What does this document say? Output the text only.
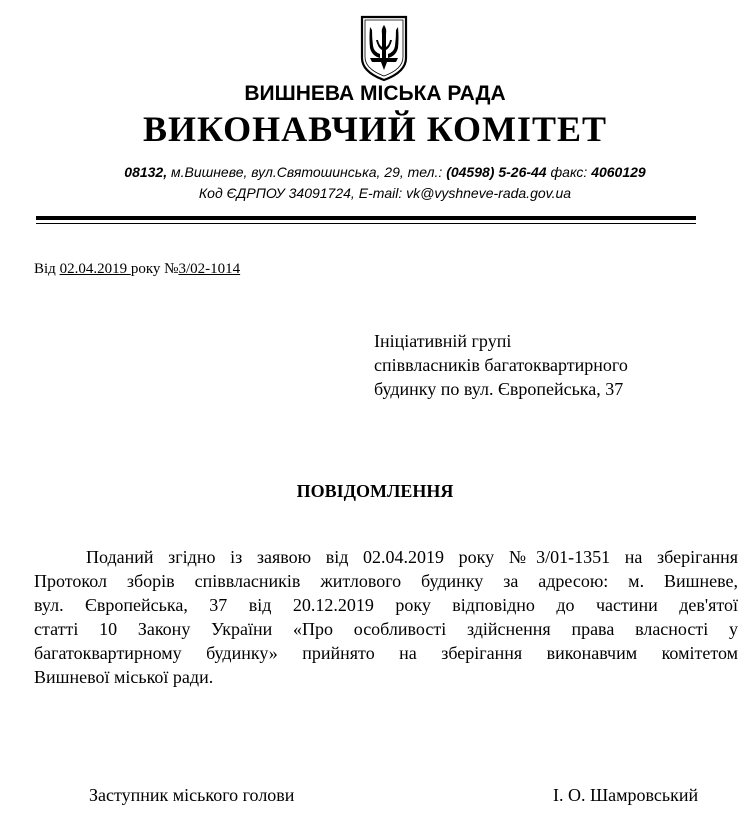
ВИШНЕВА МІСЬКА РАДА
ВИКОНАВЧИЙ КОМІТЕТ
08132, м.Вишневе, вул.Святошинська, 29, тел.: (04598) 5-26-44 факс: 4060129
Код ЄДРПОУ 34091724, E-mail: vk@vyshneve-rada.gov.ua
Від 02.04.2019 року №3/02-1014
Ініціативній групі
співвласників багатоквартирного
будинку по вул. Європейська, 37
ПОВІДОМЛЕННЯ
Поданий згідно із заявою від 02.04.2019 року №3/01-1351 на зберігання
Протокол зборів співвласників житлового будинку за адресою: м. Вишневе,
вул. Європейська, 37 від 20.12.2019 року відповідно до частини дев'ятої
статті 10 Закону України «Про особливості здійснення права власності у
багатоквартирному будинку» прийнято на зберігання виконавчим комітетом
Вишневої міської ради.
Заступник міського голови	І. О. Шамровський
